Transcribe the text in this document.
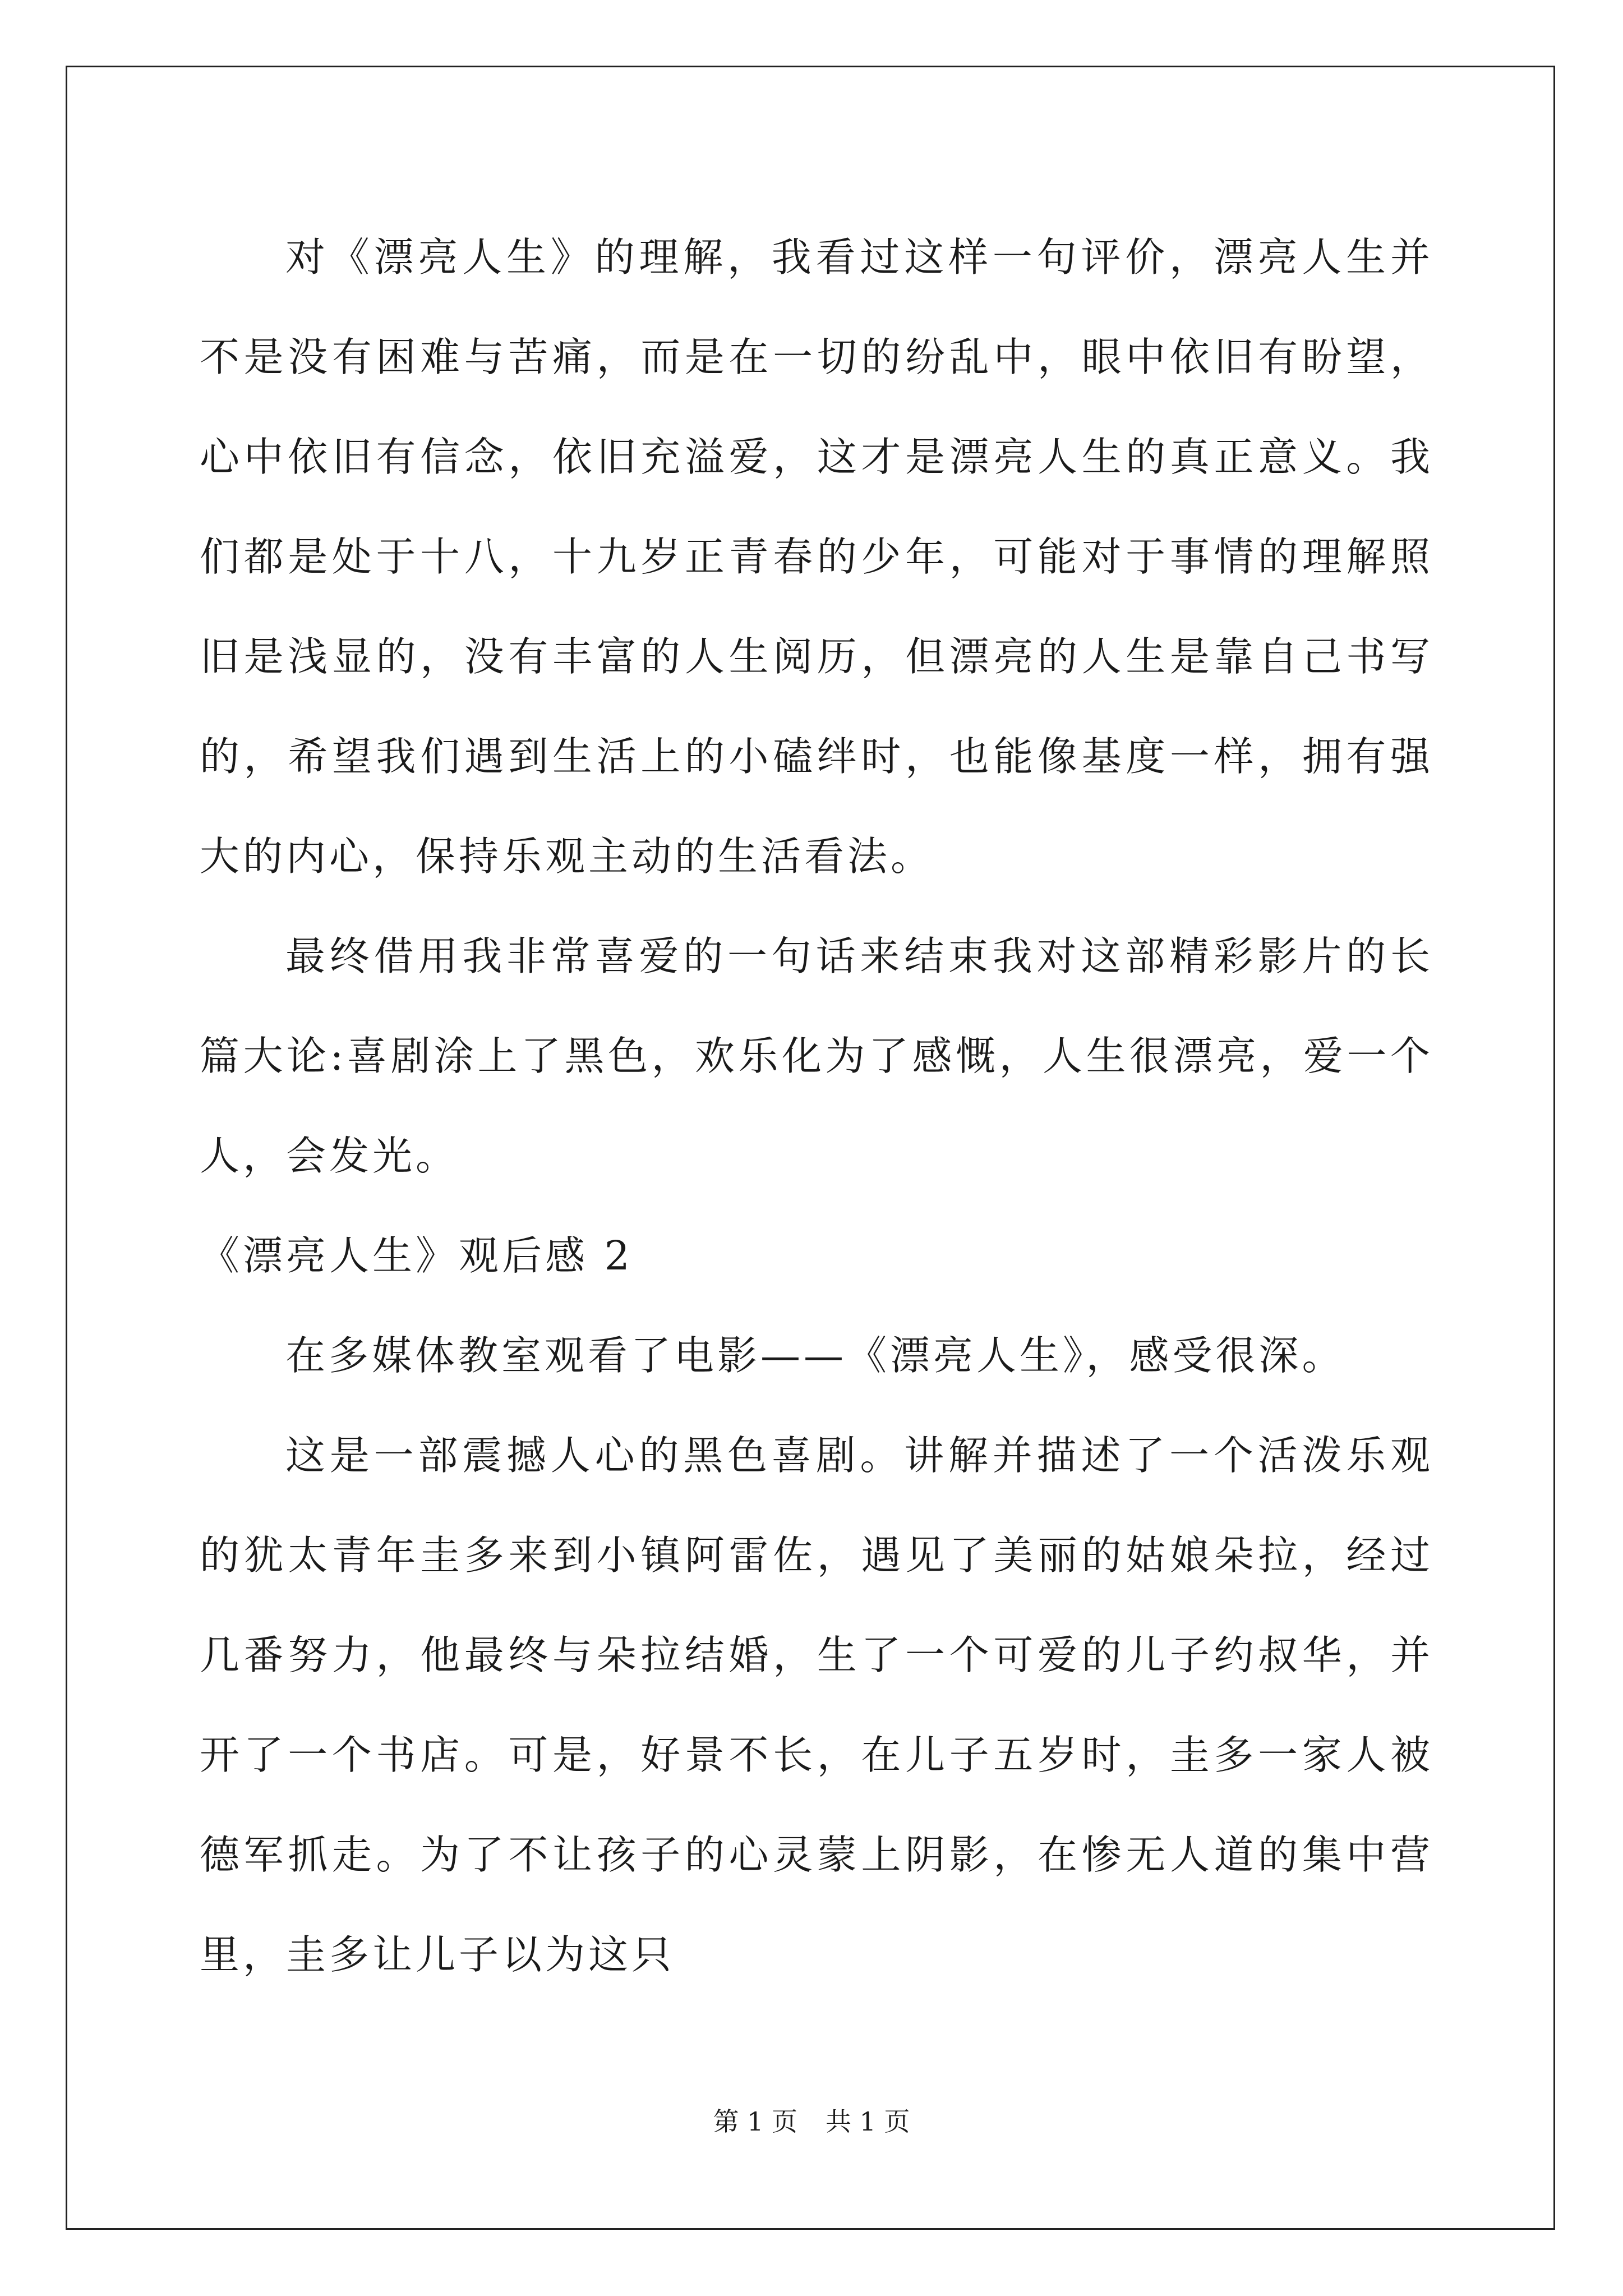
对《漂亮人生》的理解，我看过这样一句评价，漂亮人生并不是没有困难与苦痛，而是在一切的纷乱中，眼中依旧有盼望，心中依旧有信念，依旧充溢爱，这才是漂亮人生的真正意义。我们都是处于十八，十九岁正青春的少年，可能对于事情的理解照旧是浅显的，没有丰富的人生阅历，但漂亮的人生是靠自己书写的，希望我们遇到生活上的小磕绊时，也能像基度一样，拥有强大的内心，保持乐观主动的生活看法。

最终借用我非常喜爱的一句话来结束我对这部精彩影片的长篇大论:喜剧涂上了黑色，欢乐化为了感慨，人生很漂亮，爱一个人，会发光。

《漂亮人生》观后感 2

在多媒体教室观看了电影——《漂亮人生》，感受很深。

这是一部震撼人心的黑色喜剧。讲解并描述了一个活泼乐观的犹太青年圭多来到小镇阿雷佐，遇见了美丽的姑娘朵拉，经过几番努力，他最终与朵拉结婚，生了一个可爱的儿子约叔华，并开了一个书店。可是，好景不长，在儿子五岁时，圭多一家人被德军抓走。为了不让孩子的心灵蒙上阴影，在惨无人道的集中营里，圭多让儿子以为这只

第 1 页 共 1 页
